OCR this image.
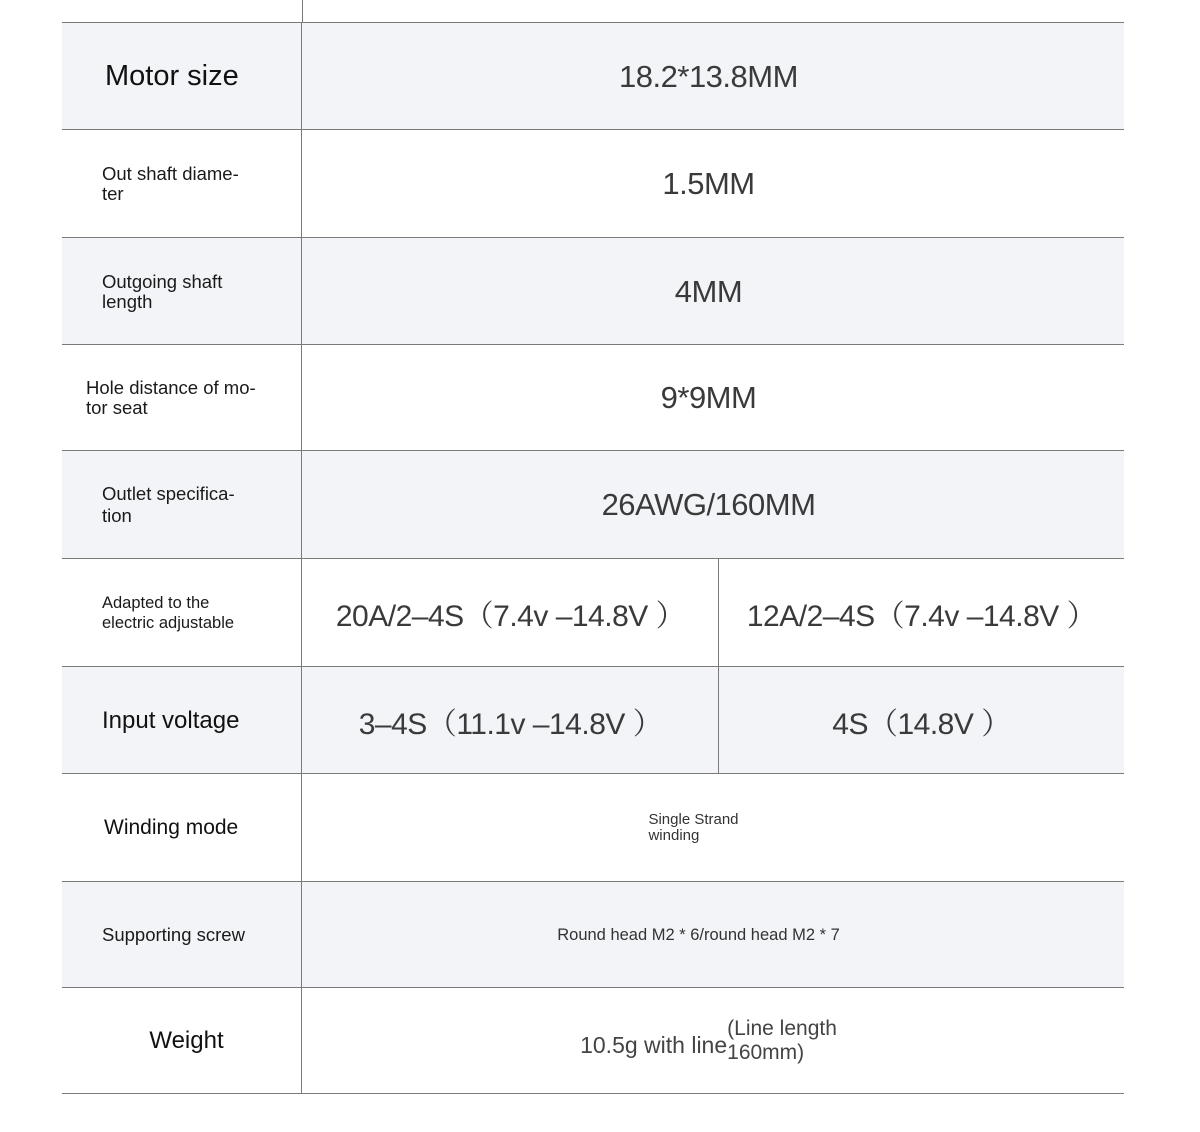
Motor size	18.2*13.8MM
Out shaft diame-
ter	1.5MM
Outgoing shaft
length	4MM
Hole distance of mo-
tor seat	9*9MM
Outlet specifica-
tion	26AWG/160MM
Adapted to the
electric adjustable	20A/2–4S（7.4v –14.8V ） 12A/2–4S（7.4v –14.8V ）
Input voltage	3–4S（11.1v –14.8V ）	4S（14.8V ）
Winding mode	Single Strand
winding
Supporting screw	Round head M2 * 6/round head M2 * 7
Weight	10.5g with line
(Line length
160mm)
